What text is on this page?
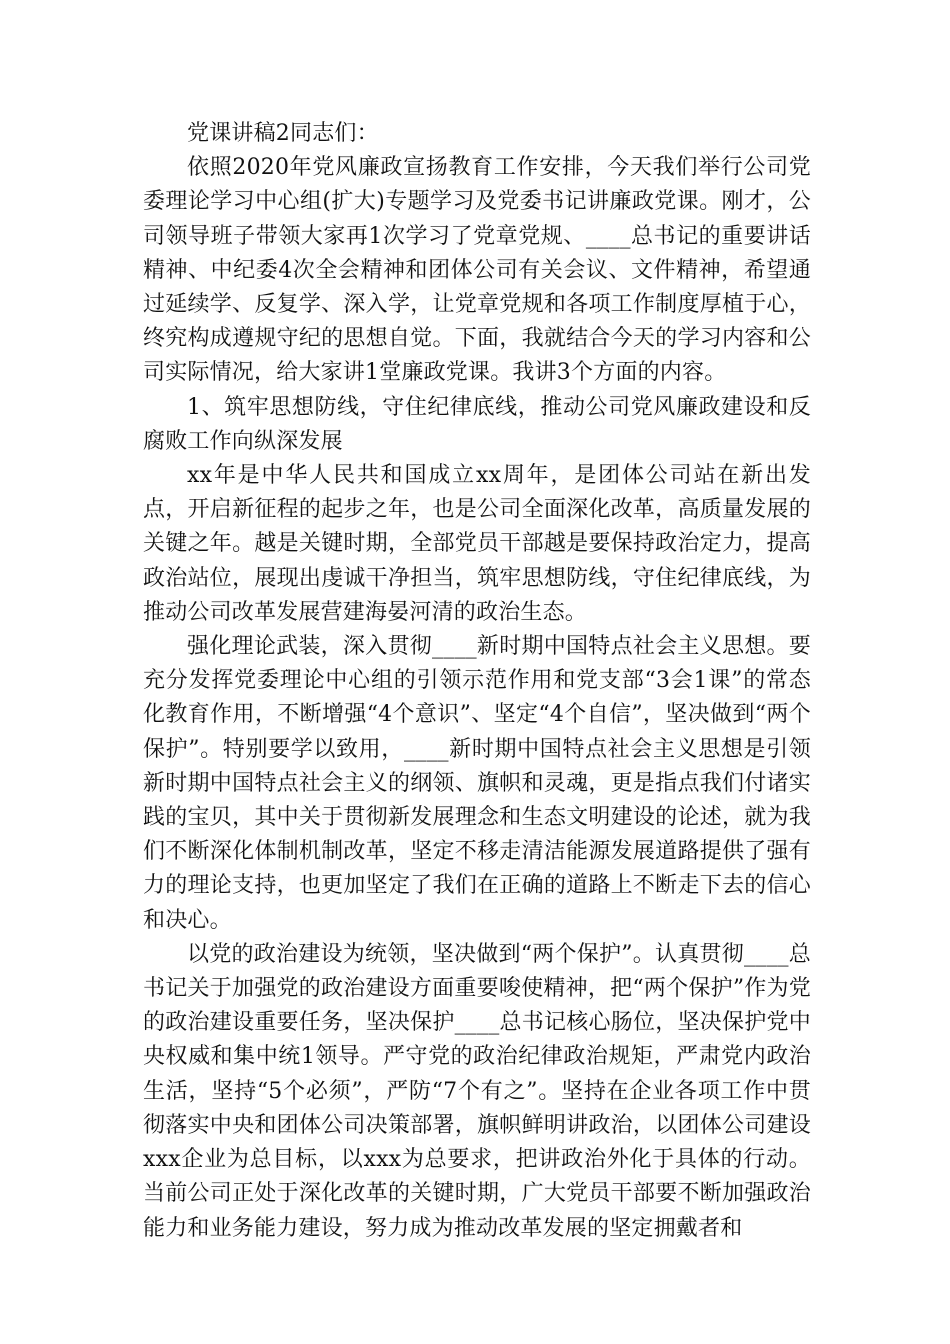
党课讲稿2同志们：

依照2020年党风廉政宣扬教育工作安排，今天我们举行公司党委理论学习中心组(扩大)专题学习及党委书记讲廉政党课。刚才，公司领导班子带领大家再1次学习了党章党规、____总书记的重要讲话精神、中纪委4次全会精神和团体公司有关会议、文件精神，希望通过延续学、反复学、深入学，让党章党规和各项工作制度厚植于心，终究构成遵规守纪的思想自觉。下面，我就结合今天的学习内容和公司实际情况，给大家讲1堂廉政党课。我讲3个方面的内容。

1、筑牢思想防线，守住纪律底线，推动公司党风廉政建设和反腐败工作向纵深发展

xx年是中华人民共和国成立xx周年，是团体公司站在新出发点，开启新征程的起步之年，也是公司全面深化改革，高质量发展的关键之年。越是关键时期，全部党员干部越是要保持政治定力，提高政治站位，展现出虔诚干净担当，筑牢思想防线，守住纪律底线，为推动公司改革发展营建海晏河清的政治生态。

强化理论武装，深入贯彻____新时期中国特点社会主义思想。要充分发挥党委理论中心组的引领示范作用和党支部“3会1课”的常态化教育作用，不断增强“4个意识”、坚定“4个自信”，坚决做到“两个保护”。特别要学以致用，____新时期中国特点社会主义思想是引领新时期中国特点社会主义的纲领、旗帜和灵魂，更是指点我们付诸实践的宝贝，其中关于贯彻新发展理念和生态文明建设的论述，就为我们不断深化体制机制改革，坚定不移走清洁能源发展道路提供了强有力的理论支持，也更加坚定了我们在正确的道路上不断走下去的信心和决心。

以党的政治建设为统领，坚决做到“两个保护”。认真贯彻____总书记关于加强党的政治建设方面重要唆使精神，把“两个保护”作为党的政治建设重要任务，坚决保护____总书记核心肠位，坚决保护党中央权威和集中统1领导。严守党的政治纪律政治规矩，严肃党内政治生活，坚持“5个必须”，严防“7个有之”。坚持在企业各项工作中贯彻落实中央和团体公司决策部署，旗帜鲜明讲政治，以团体公司建设xxx企业为总目标，以xxx为总要求，把讲政治外化于具体的行动。当前公司正处于深化改革的关键时期，广大党员干部要不断加强政治能力和业务能力建设，努力成为推动改革发展的坚定拥戴者和
